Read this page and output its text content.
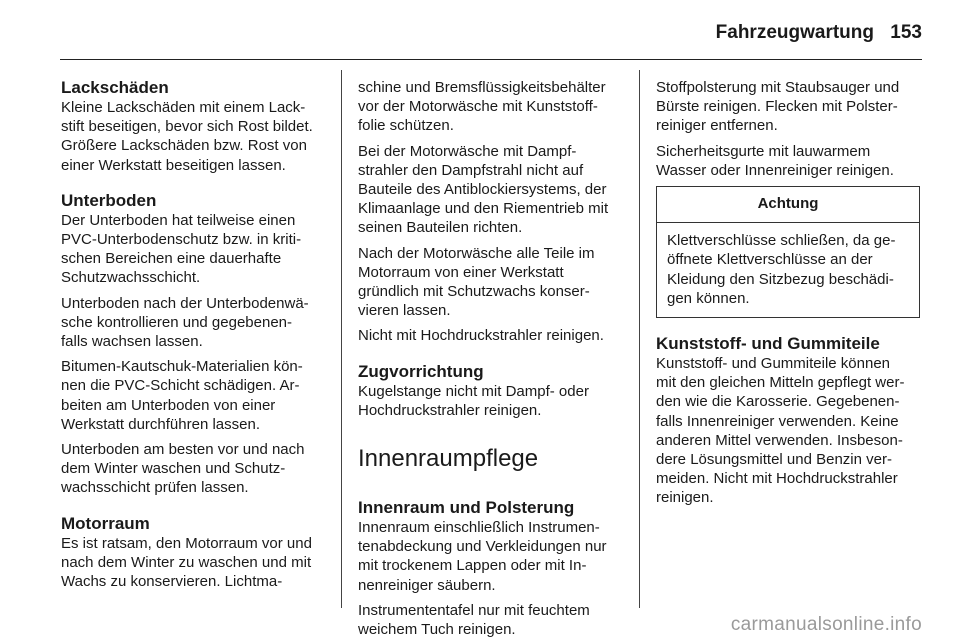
Fahrzeugwartung 153
Lackschäden

Kleine Lackschäden mit einem Lack-
stift beseitigen, bevor sich Rost bildet.
Größere Lackschäden bzw. Rost von
einer Werkstatt beseitigen lassen.

Unterboden

Der Unterboden hat teilweise einen
PVC-Unterbodenschutz bzw. in kriti-
schen Bereichen eine dauerhafte
Schutzwachsschicht.

Unterboden nach der Unterbodenwä-
sche kontrollieren und gegebenen-
falls wachsen lassen.

Bitumen-Kautschuk-Materialien kön-
nen die PVC-Schicht schädigen. Ar-
beiten am Unterboden von einer
Werkstatt durchführen lassen.

Unterboden am besten vor und nach
dem Winter waschen und Schutz-
wachsschicht prüfen lassen.

Motorraum

Es ist ratsam, den Motorraum vor und
nach dem Winter zu waschen und mit
Wachs zu konservieren. Lichtma-

schine und Bremsflüssigkeitsbehälter
vor der Motorwäsche mit Kunststoff-
folie schützen.

Bei der Motorwäsche mit Dampf-
strahler den Dampfstrahl nicht auf
Bauteile des Antiblockiersystems, der
Klimaanlage und den Riementrieb mit
seinen Bauteilen richten.

Nach der Motorwäsche alle Teile im
Motorraum von einer Werkstatt
gründlich mit Schutzwachs konser-
vieren lassen.

Nicht mit Hochdruckstrahler reinigen.

Zugvorrichtung

Kugelstange nicht mit Dampf- oder
Hochdruckstrahler reinigen.

Innenraumpflege
Innenraum und Polsterung

Innenraum einschließlich Instrumen-
tenabdeckung und Verkleidungen nur
mit trockenem Lappen oder mit In-
nenreiniger säubern.

Instrumententafel nur mit feuchtem
weichem Tuch reinigen.

Stoffpolsterung mit Staubsauger und
Bürste reinigen. Flecken mit Polster-
reiniger entfernen.

Sicherheitsgurte mit lauwarmem
Wasser oder Innenreiniger reinigen.

Achtung

Klettverschlüsse schließen, da ge-
öffnete Klettverschlüsse an der
Kleidung den Sitzbezug beschädi-
gen können.

Kunststoff- und Gummiteile

Kunststoff- und Gummiteile können
mit den gleichen Mitteln gepflegt wer-
den wie die Karosserie. Gegebenen-
falls Innenreiniger verwenden. Keine
anderen Mittel verwenden. Insbeson-
dere Lösungsmittel und Benzin ver-
meiden. Nicht mit Hochdruckstrahler
reinigen.

carmanualsonline.info
